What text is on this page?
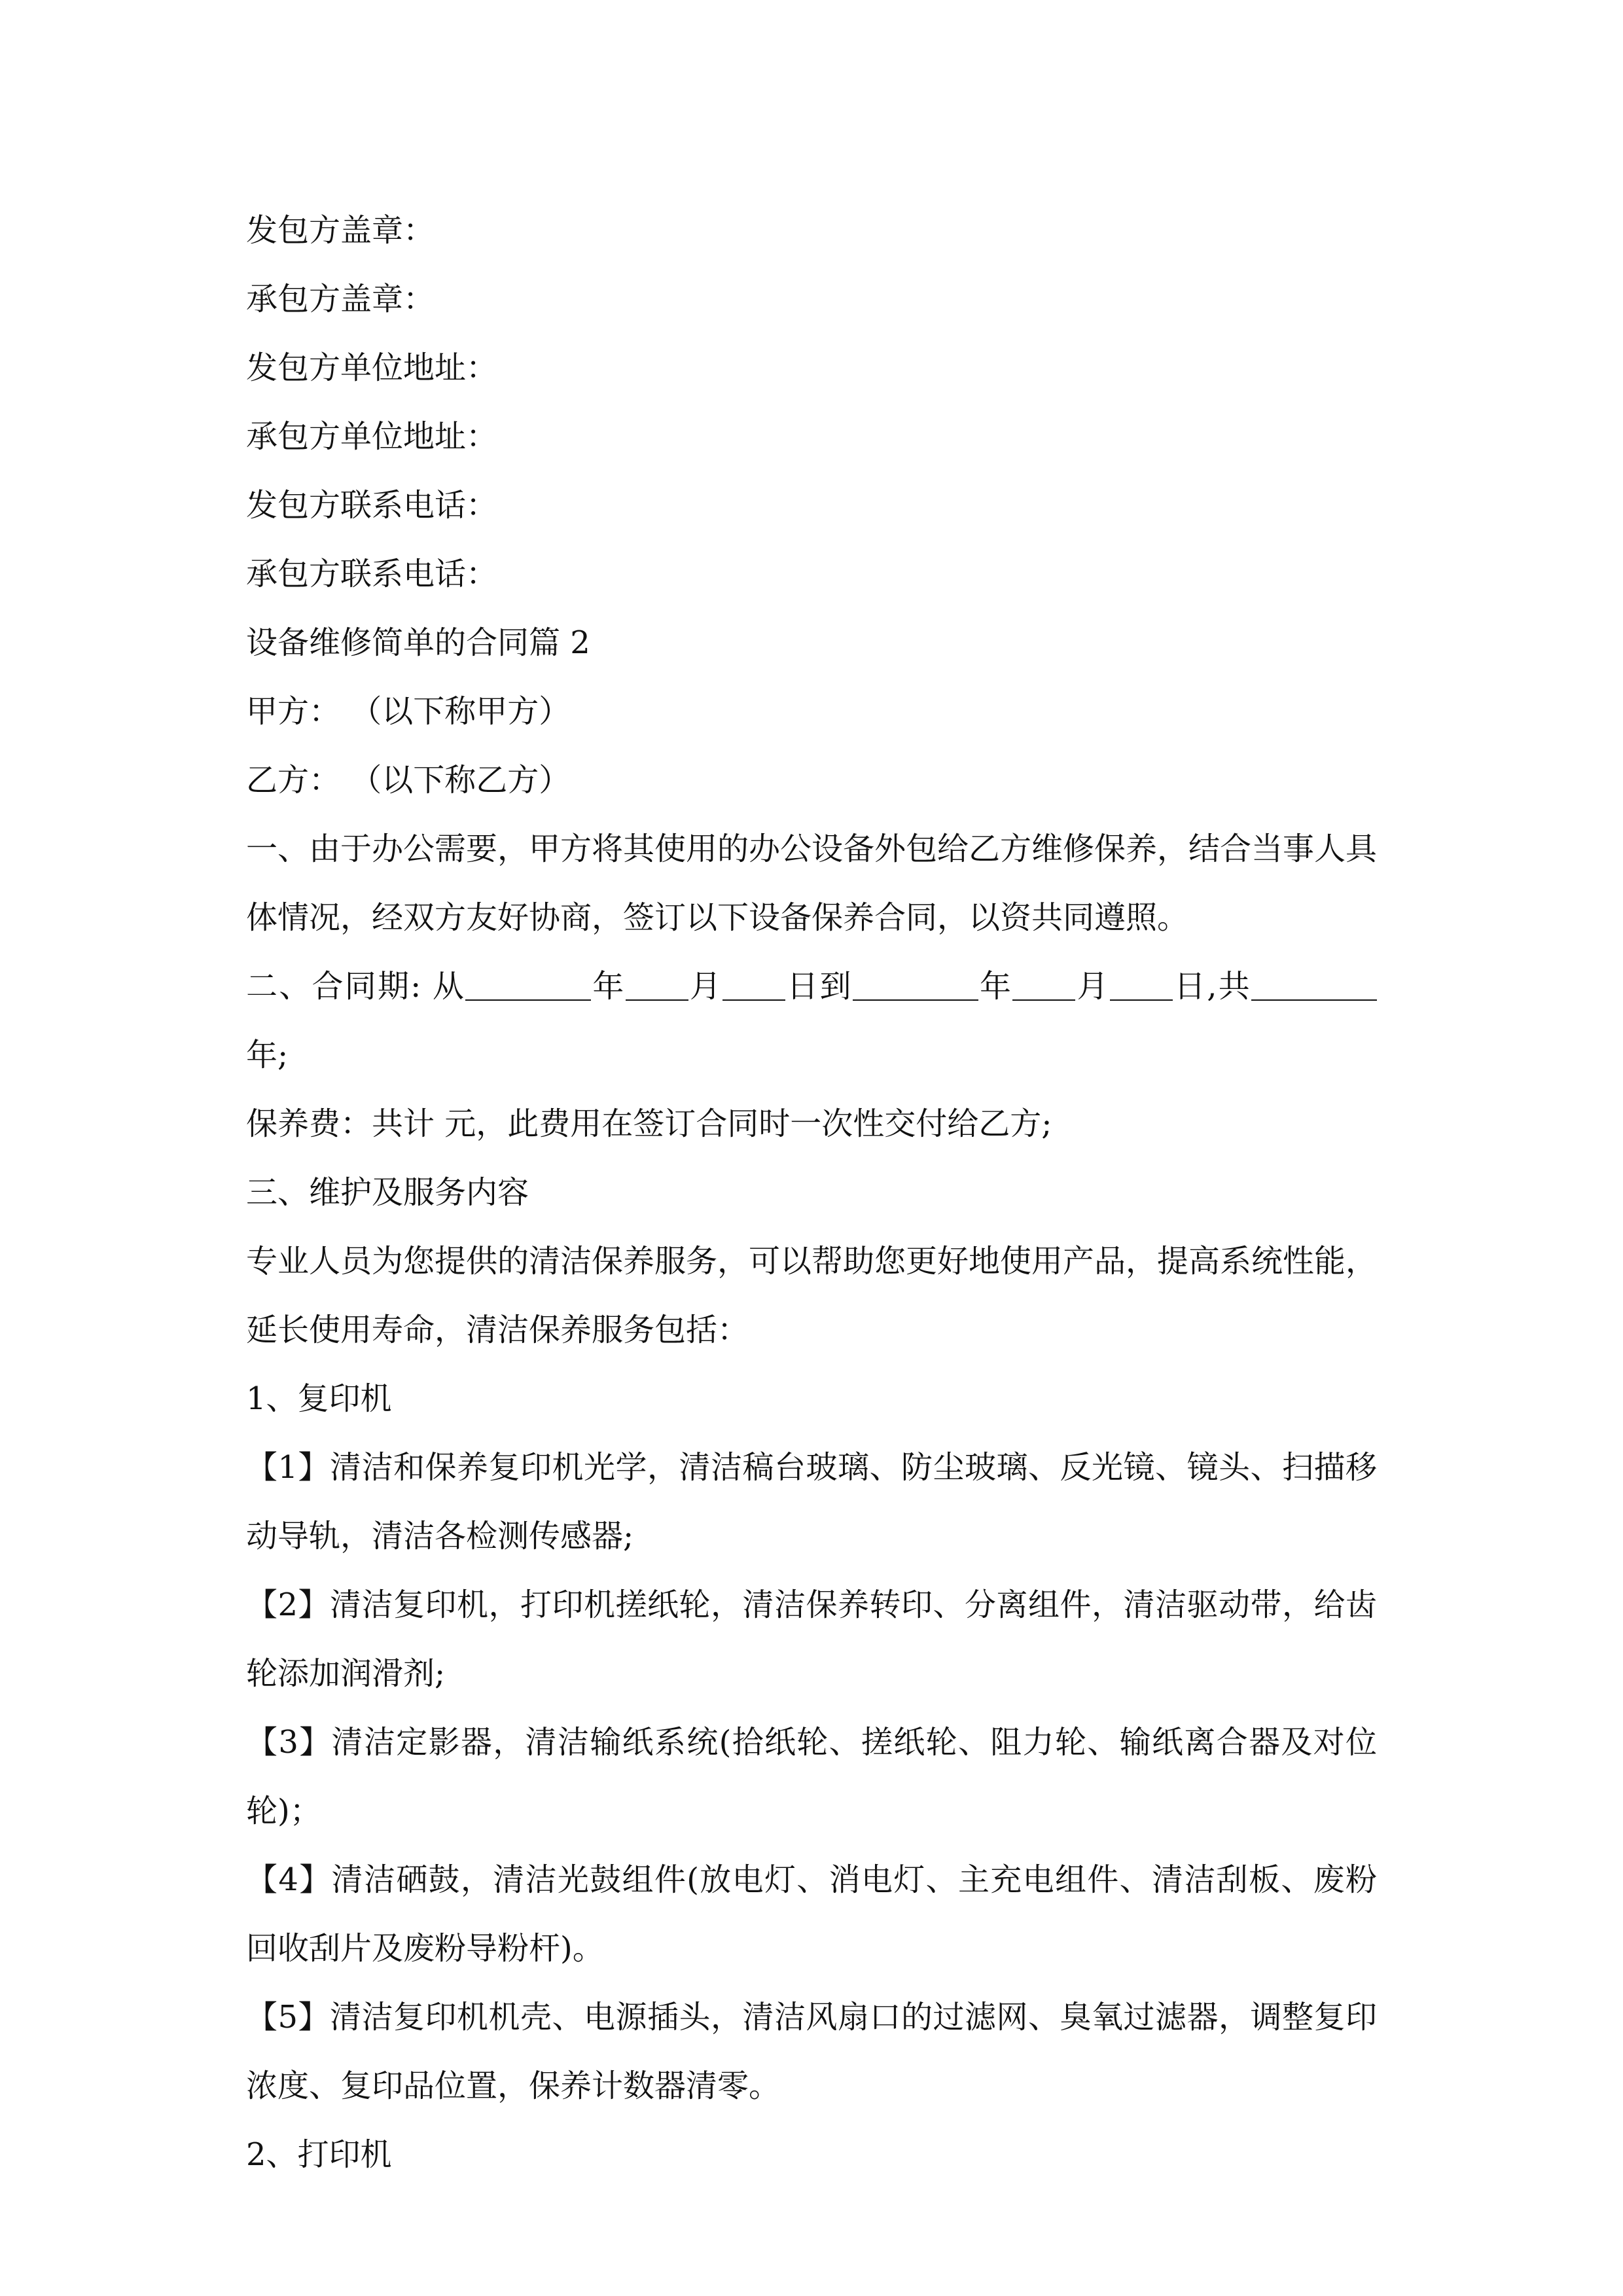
发包方盖章：
承包方盖章：
发包方单位地址：
承包方单位地址：
发包方联系电话：
承包方联系电话：
设备维修简单的合同篇 2
甲方： （以下称甲方）
乙方： （以下称乙方）
一、由于办公需要，甲方将其使用的办公设备外包给乙方维修保养，结合当事人具体情况，经双方友好协商，签订以下设备保养合同，以资共同遵照。
二、合同期: 从	年 月 日到	年 月 日,共年;
保养费：共计 元，此费用在签订合同时一次性交付给乙方;
三、维护及服务内容
专业人员为您提供的清洁保养服务，可以帮助您更好地使用产品，提高系统性能，延长使用寿命，清洁保养服务包括：
1、复印机
【1】清洁和保养复印机光学，清洁稿台玻璃、防尘玻璃、反光镜、镜头、扫描移动导轨，清洁各检测传感器;
【2】清洁复印机，打印机搓纸轮，清洁保养转印、分离组件，清洁驱动带，给齿轮添加润滑剂;
【3】清洁定影器，清洁输纸系统(拾纸轮、搓纸轮、阻力轮、输纸离合器及对位轮)；
【4】清洁硒鼓，清洁光鼓组件(放电灯、消电灯、主充电组件、清洁刮板、废粉回收刮片及废粉导粉杆)。
【5】清洁复印机机壳、电源插头，清洁风扇口的过滤网、臭氧过滤器，调整复印浓度、复印品位置，保养计数器清零。
2、打印机
